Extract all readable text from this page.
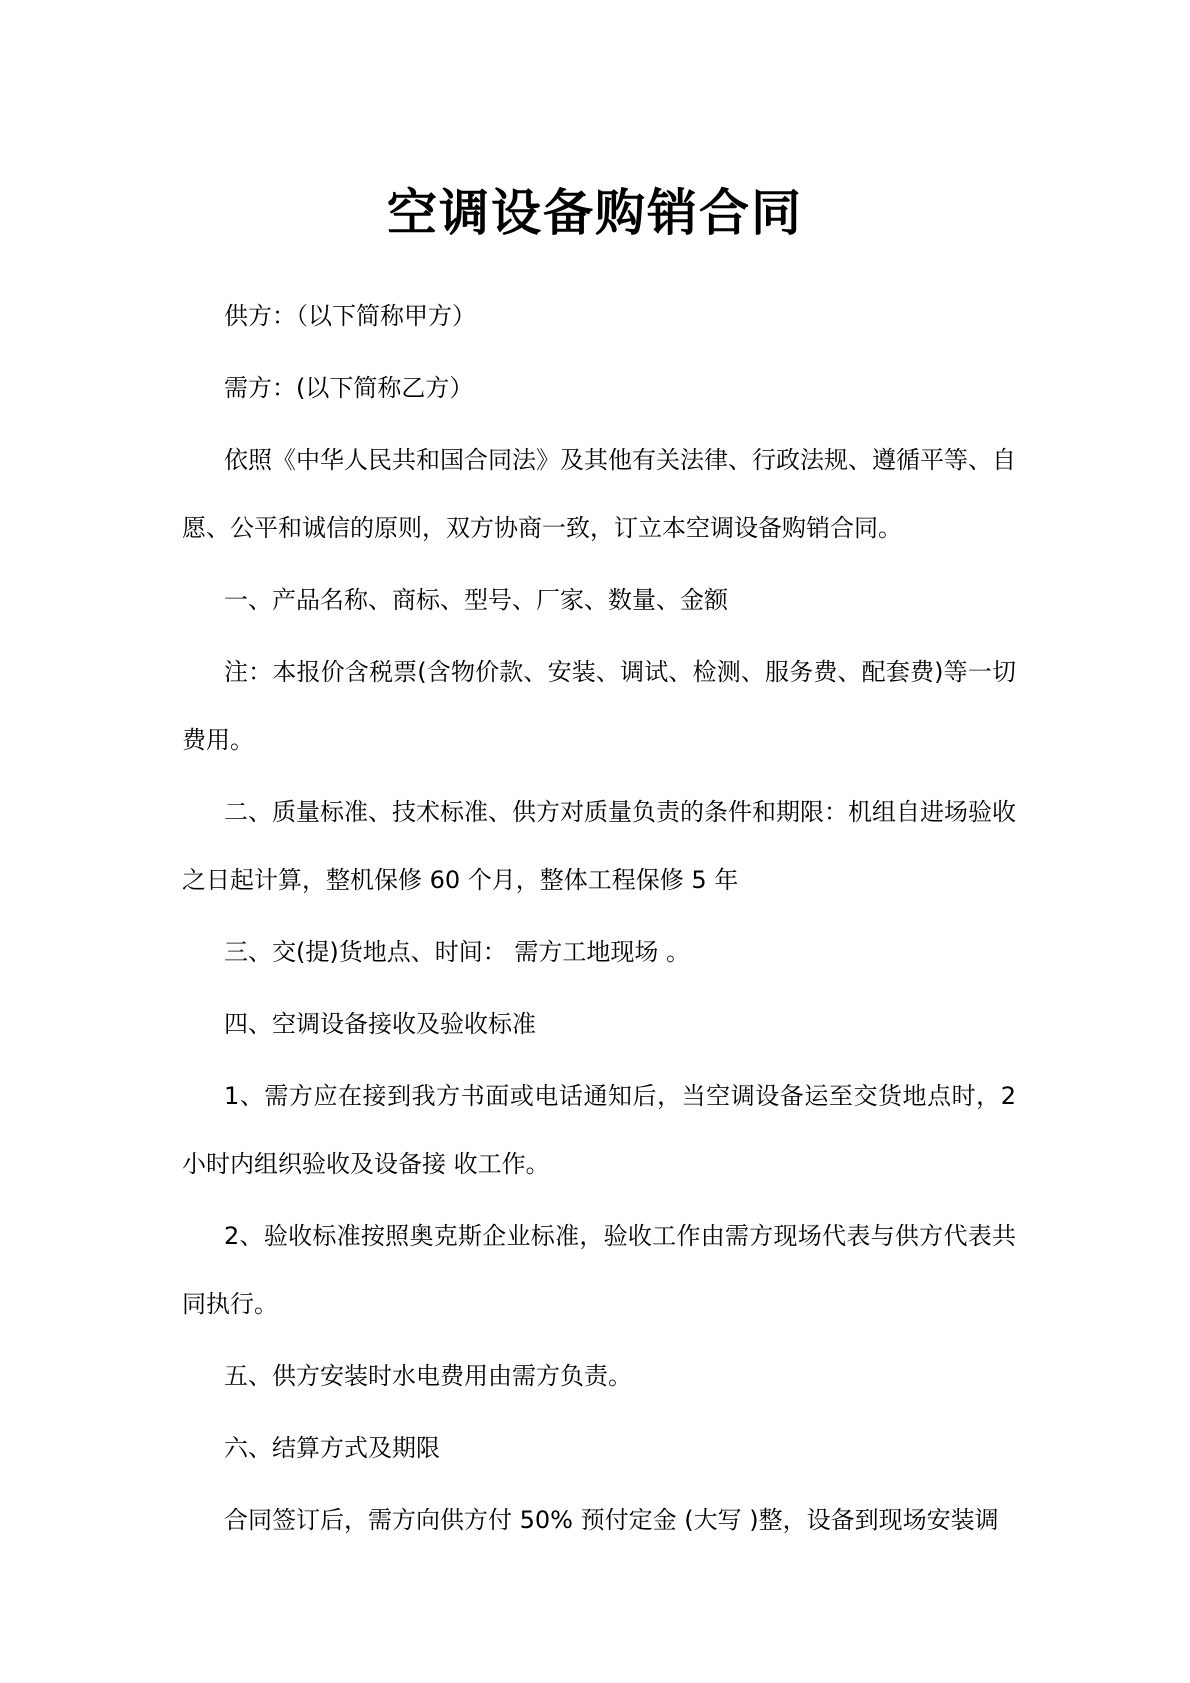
空调设备购销合同

供方：（以下简称甲方）

需方：(以下简称乙方）

依照《中华人民共和国合同法》及其他有关法律、行政法规、遵循平等、自愿、公平和诚信的原则，双方协商一致，订立本空调设备购销合同。

一、产品名称、商标、型号、厂家、数量、金额

注：本报价含税票(含物价款、安装、调试、检测、服务费、配套费)等一切费用。

二、质量标准、技术标准、供方对质量负责的条件和期限：机组自进场验收之日起计算，整机保修 60 个月，整体工程保修 5 年

三、交(提)货地点、时间： 需方工地现场 。

四、空调设备接收及验收标准

1、需方应在接到我方书面或电话通知后，当空调设备运至交货地点时，2 小时内组织验收及设备接 收工作。

2、验收标准按照奥克斯企业标准，验收工作由需方现场代表与供方代表共同执行。

五、供方安装时水电费用由需方负责。

六、结算方式及期限

合同签订后，需方向供方付 50% 预付定金 (大写 )整，设备到现场安装调
